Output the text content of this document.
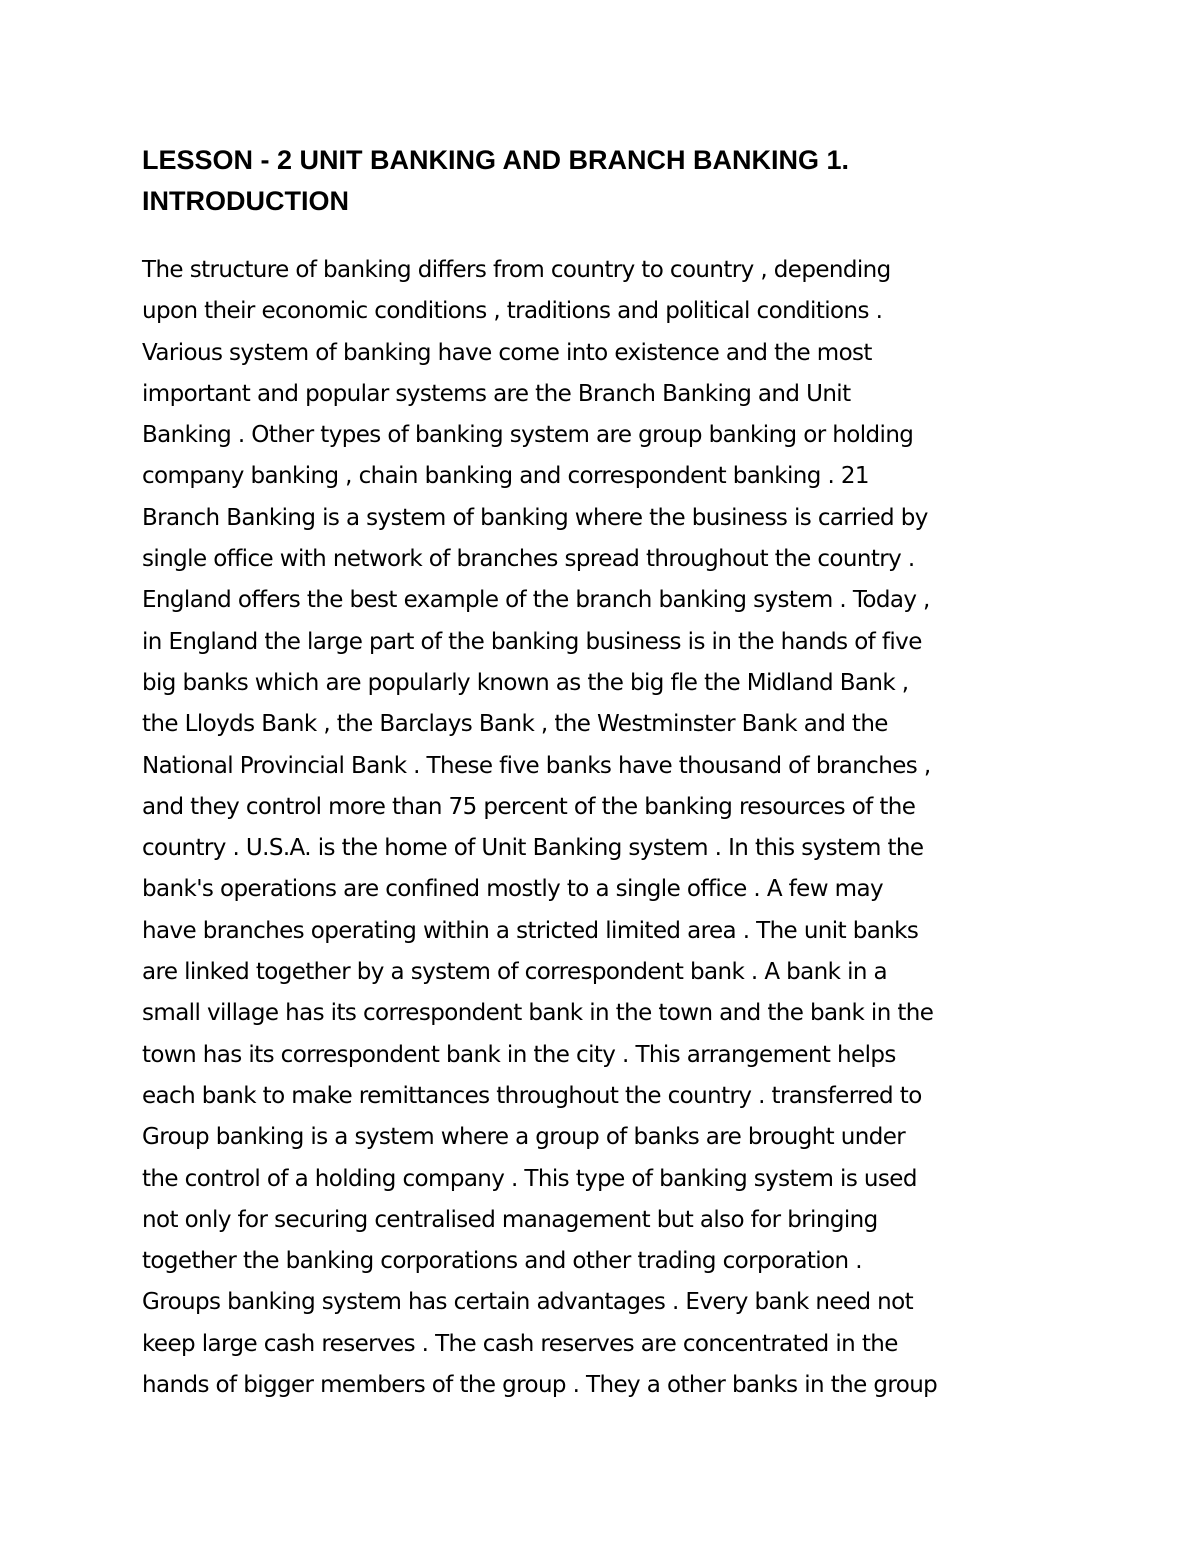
LESSON - 2 UNIT BANKING AND BRANCH BANKING 1.
INTRODUCTION
The structure of banking differs from country to country , depending
upon their economic conditions , traditions and political conditions .
Various system of banking have come into existence and the most
important and popular systems are the Branch Banking and Unit
Banking . Other types of banking system are group banking or holding
company banking , chain banking and correspondent banking . 21
Branch Banking is a system of banking where the business is carried by
single office with network of branches spread throughout the country .
England offers the best example of the branch banking system . Today ,
in England the large part of the banking business is in the hands of five
big banks which are popularly known as the big fle the Midland Bank ,
the Lloyds Bank , the Barclays Bank , the Westminster Bank and the
National Provincial Bank . These five banks have thousand of branches ,
and they control more than 75 percent of the banking resources of the
country . U.S.A. is the home of Unit Banking system . In this system the
bank's operations are confined mostly to a single office . A few may
have branches operating within a stricted limited area . The unit banks
are linked together by a system of correspondent bank . A bank in a
small village has its correspondent bank in the town and the bank in the
town has its correspondent bank in the city . This arrangement helps
each bank to make remittances throughout the country . transferred to
Group banking is a system where a group of banks are brought under
the control of a holding company . This type of banking system is used
not only for securing centralised management but also for bringing
together the banking corporations and other trading corporation .
Groups banking system has certain advantages . Every bank need not
keep large cash reserves . The cash reserves are concentrated in the
hands of bigger members of the group . They a other banks in the group
